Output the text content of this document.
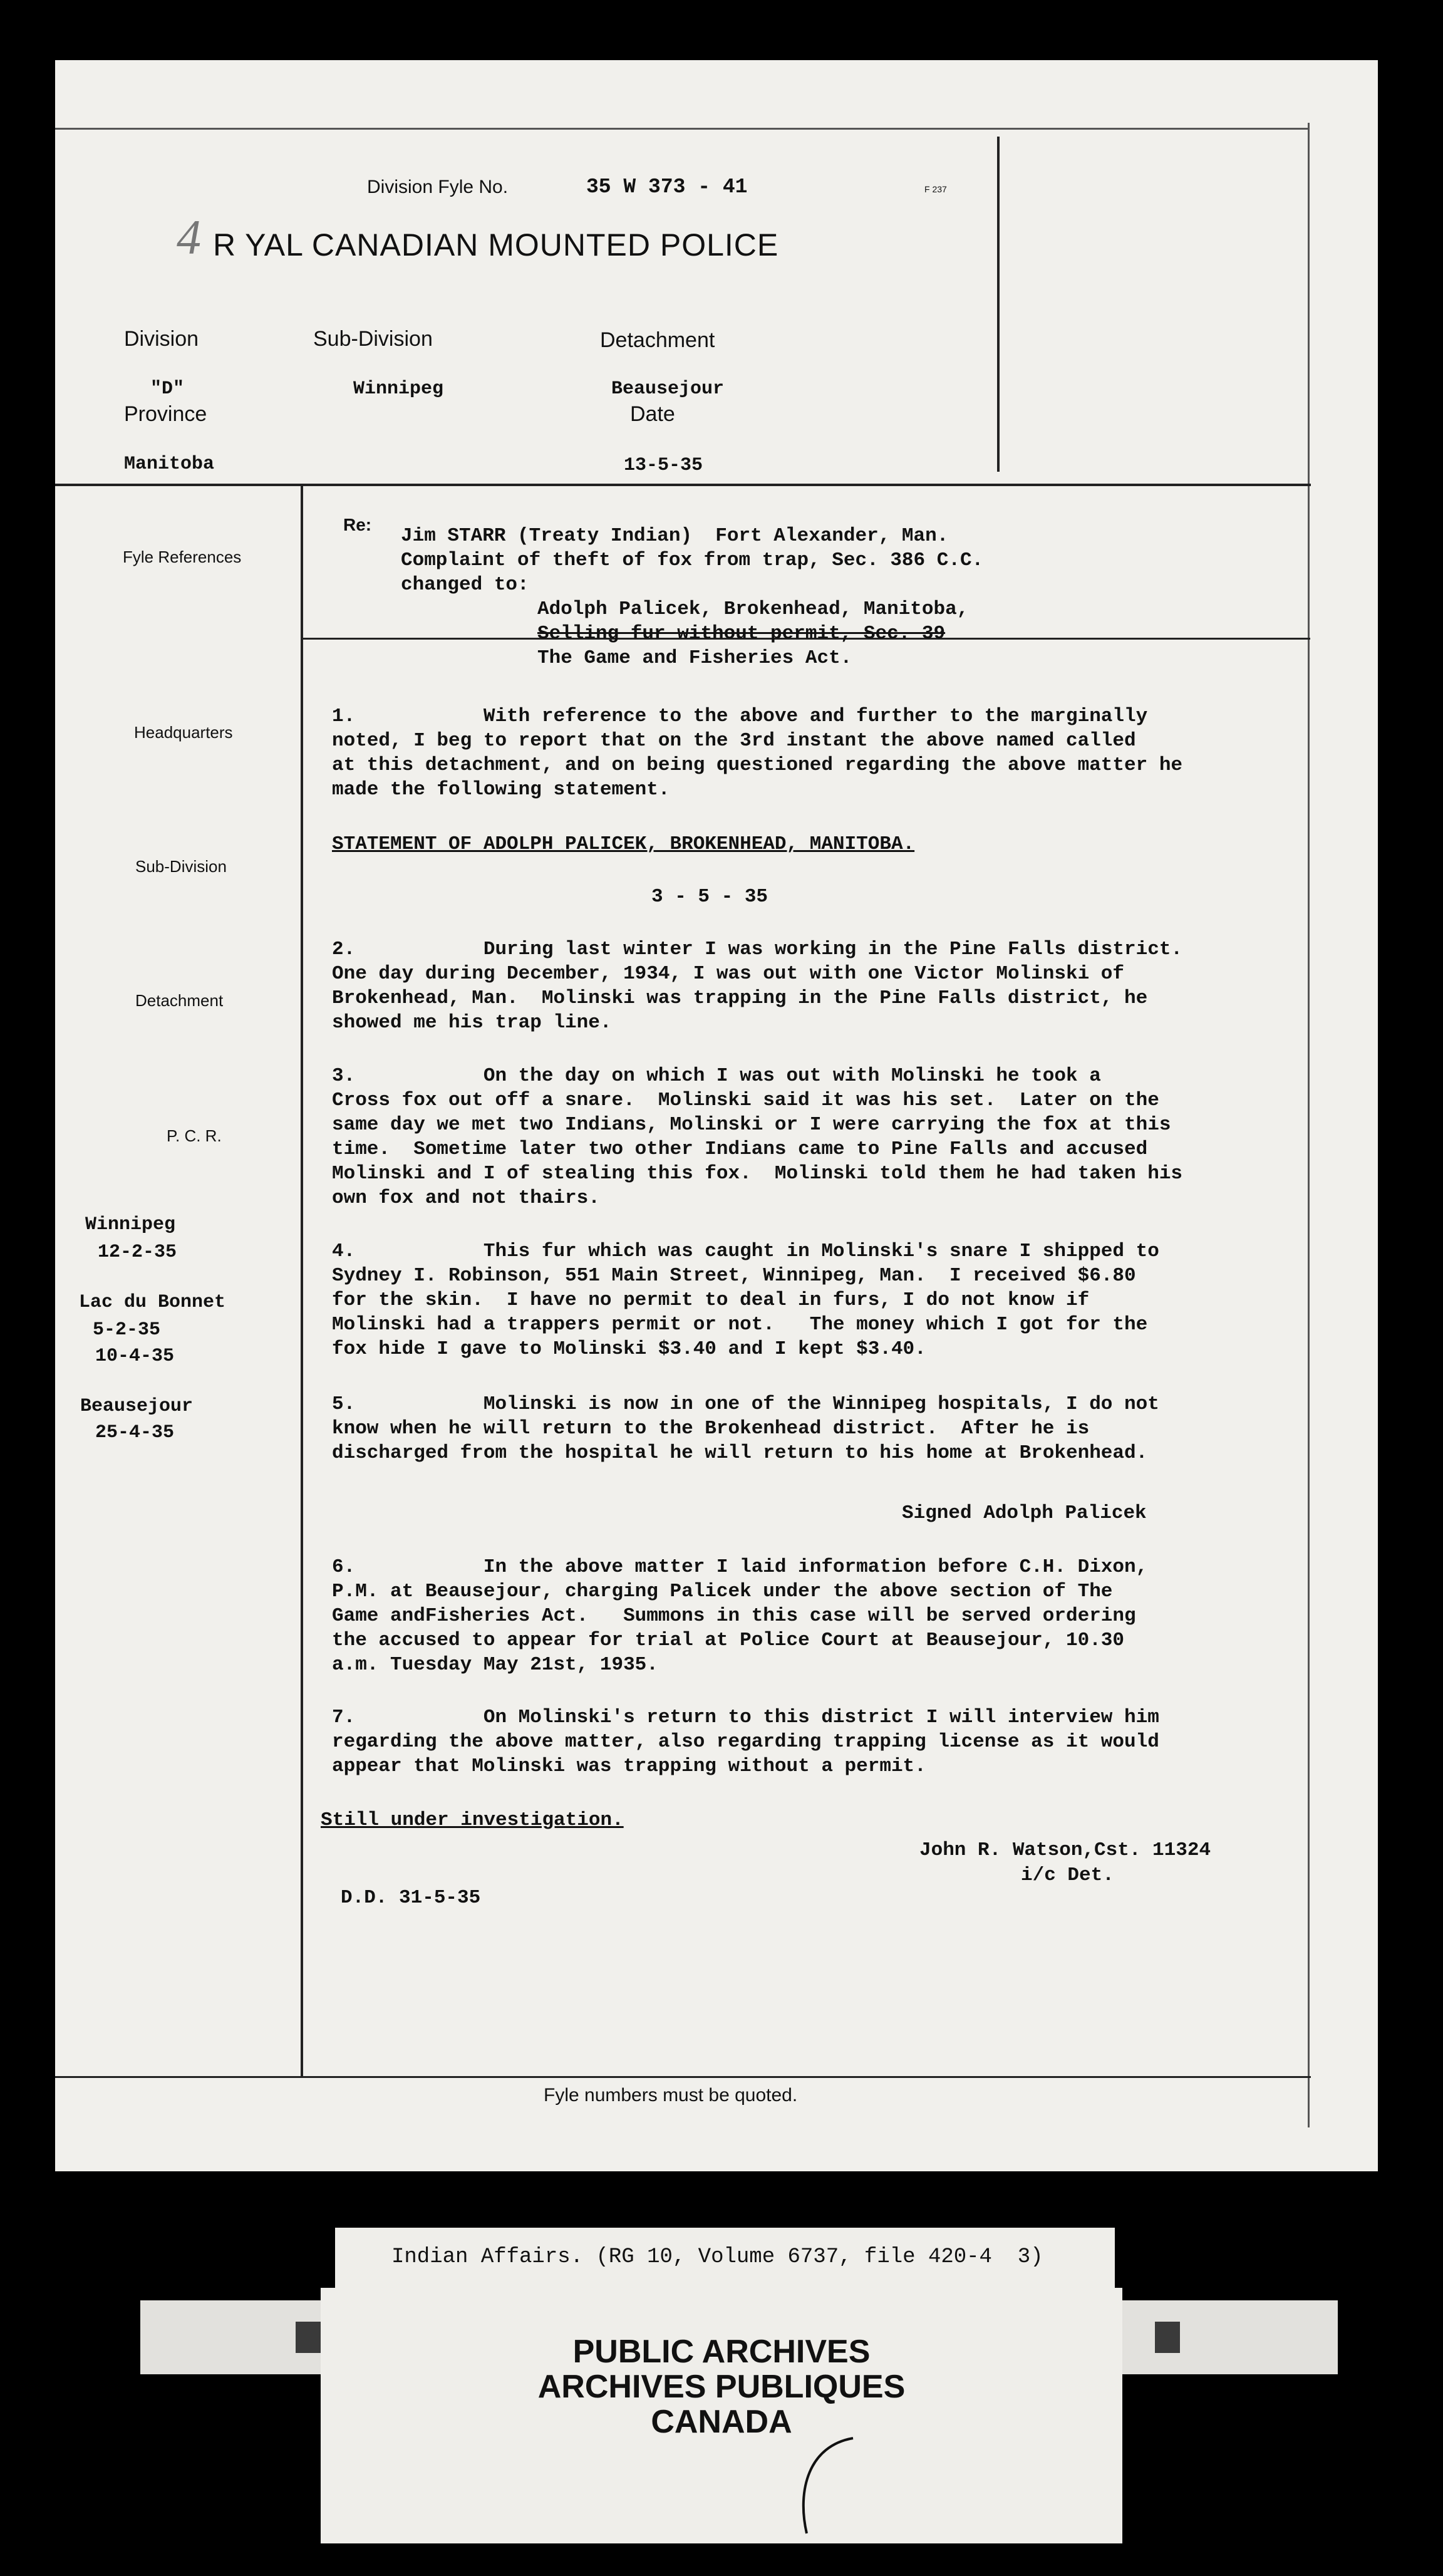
Division Fyle No.	35 W 373 - 41	F 237
R YAL CANADIAN MOUNTED POLICE
4
Division	Sub-Division	Detachment
"D"	Winnipeg	Beausejour
Province	Date
Manitoba	13-5-35
Fyle References
Headquarters
Sub-Division
Detachment
P. C. R.
Winnipeg
12-2-35
Lac du Bonnet
5-2-35
10-4-35
Beausejour
25-4-35
Re:
Jim STARR (Treaty Indian)  Fort Alexander, Man.
Complaint of theft of fox from trap, Sec. 386 C.C.
changed to:
Adolph Palicek, Brokenhead, Manitoba,
Selling fur without permit, Sec. 39
The Game and Fisheries Act.
1.           With reference to the above and further to the marginally
noted, I beg to report that on the 3rd instant the above named called
at this detachment, and on being questioned regarding the above matter he
made the following statement.
STATEMENT OF ADOLPH PALICEK, BROKENHEAD, MANITOBA.
3 - 5 - 35
2.           During last winter I was working in the Pine Falls district.
One day during December, 1934, I was out with one Victor Molinski of
Brokenhead, Man.  Molinski was trapping in the Pine Falls district, he
showed me his trap line.
3.           On the day on which I was out with Molinski he took a
Cross fox out off a snare.  Molinski said it was his set.  Later on the
same day we met two Indians, Molinski or I were carrying the fox at this
time.  Sometime later two other Indians came to Pine Falls and accused
Molinski and I of stealing this fox.  Molinski told them he had taken his
own fox and not thairs.
4.           This fur which was caught in Molinski's snare I shipped to
Sydney I. Robinson, 551 Main Street, Winnipeg, Man.  I received $6.80
for the skin.  I have no permit to deal in furs, I do not know if
Molinski had a trappers permit or not.   The money which I got for the
fox hide I gave to Molinski $3.40 and I kept $3.40.
5.           Molinski is now in one of the Winnipeg hospitals, I do not
know when he will return to the Brokenhead district.  After he is
discharged from the hospital he will return to his home at Brokenhead.
Signed Adolph Palicek
6.           In the above matter I laid information before C.H. Dixon,
P.M. at Beausejour, charging Palicek under the above section of The
Game andFisheries Act.   Summons in this case will be served ordering
the accused to appear for trial at Police Court at Beausejour, 10.30
a.m. Tuesday May 21st, 1935.
7.           On Molinski's return to this district I will interview him
regarding the above matter, also regarding trapping license as it would
appear that Molinski was trapping without a permit.
Still under investigation.
John R. Watson,Cst. 11324
i/c Det.
D.D. 31-5-35
Fyle numbers must be quoted.
Indian Affairs. (RG 10, Volume 6737, file 420-4  3)
PUBLIC ARCHIVES
ARCHIVES PUBLIQUES
CANADA
